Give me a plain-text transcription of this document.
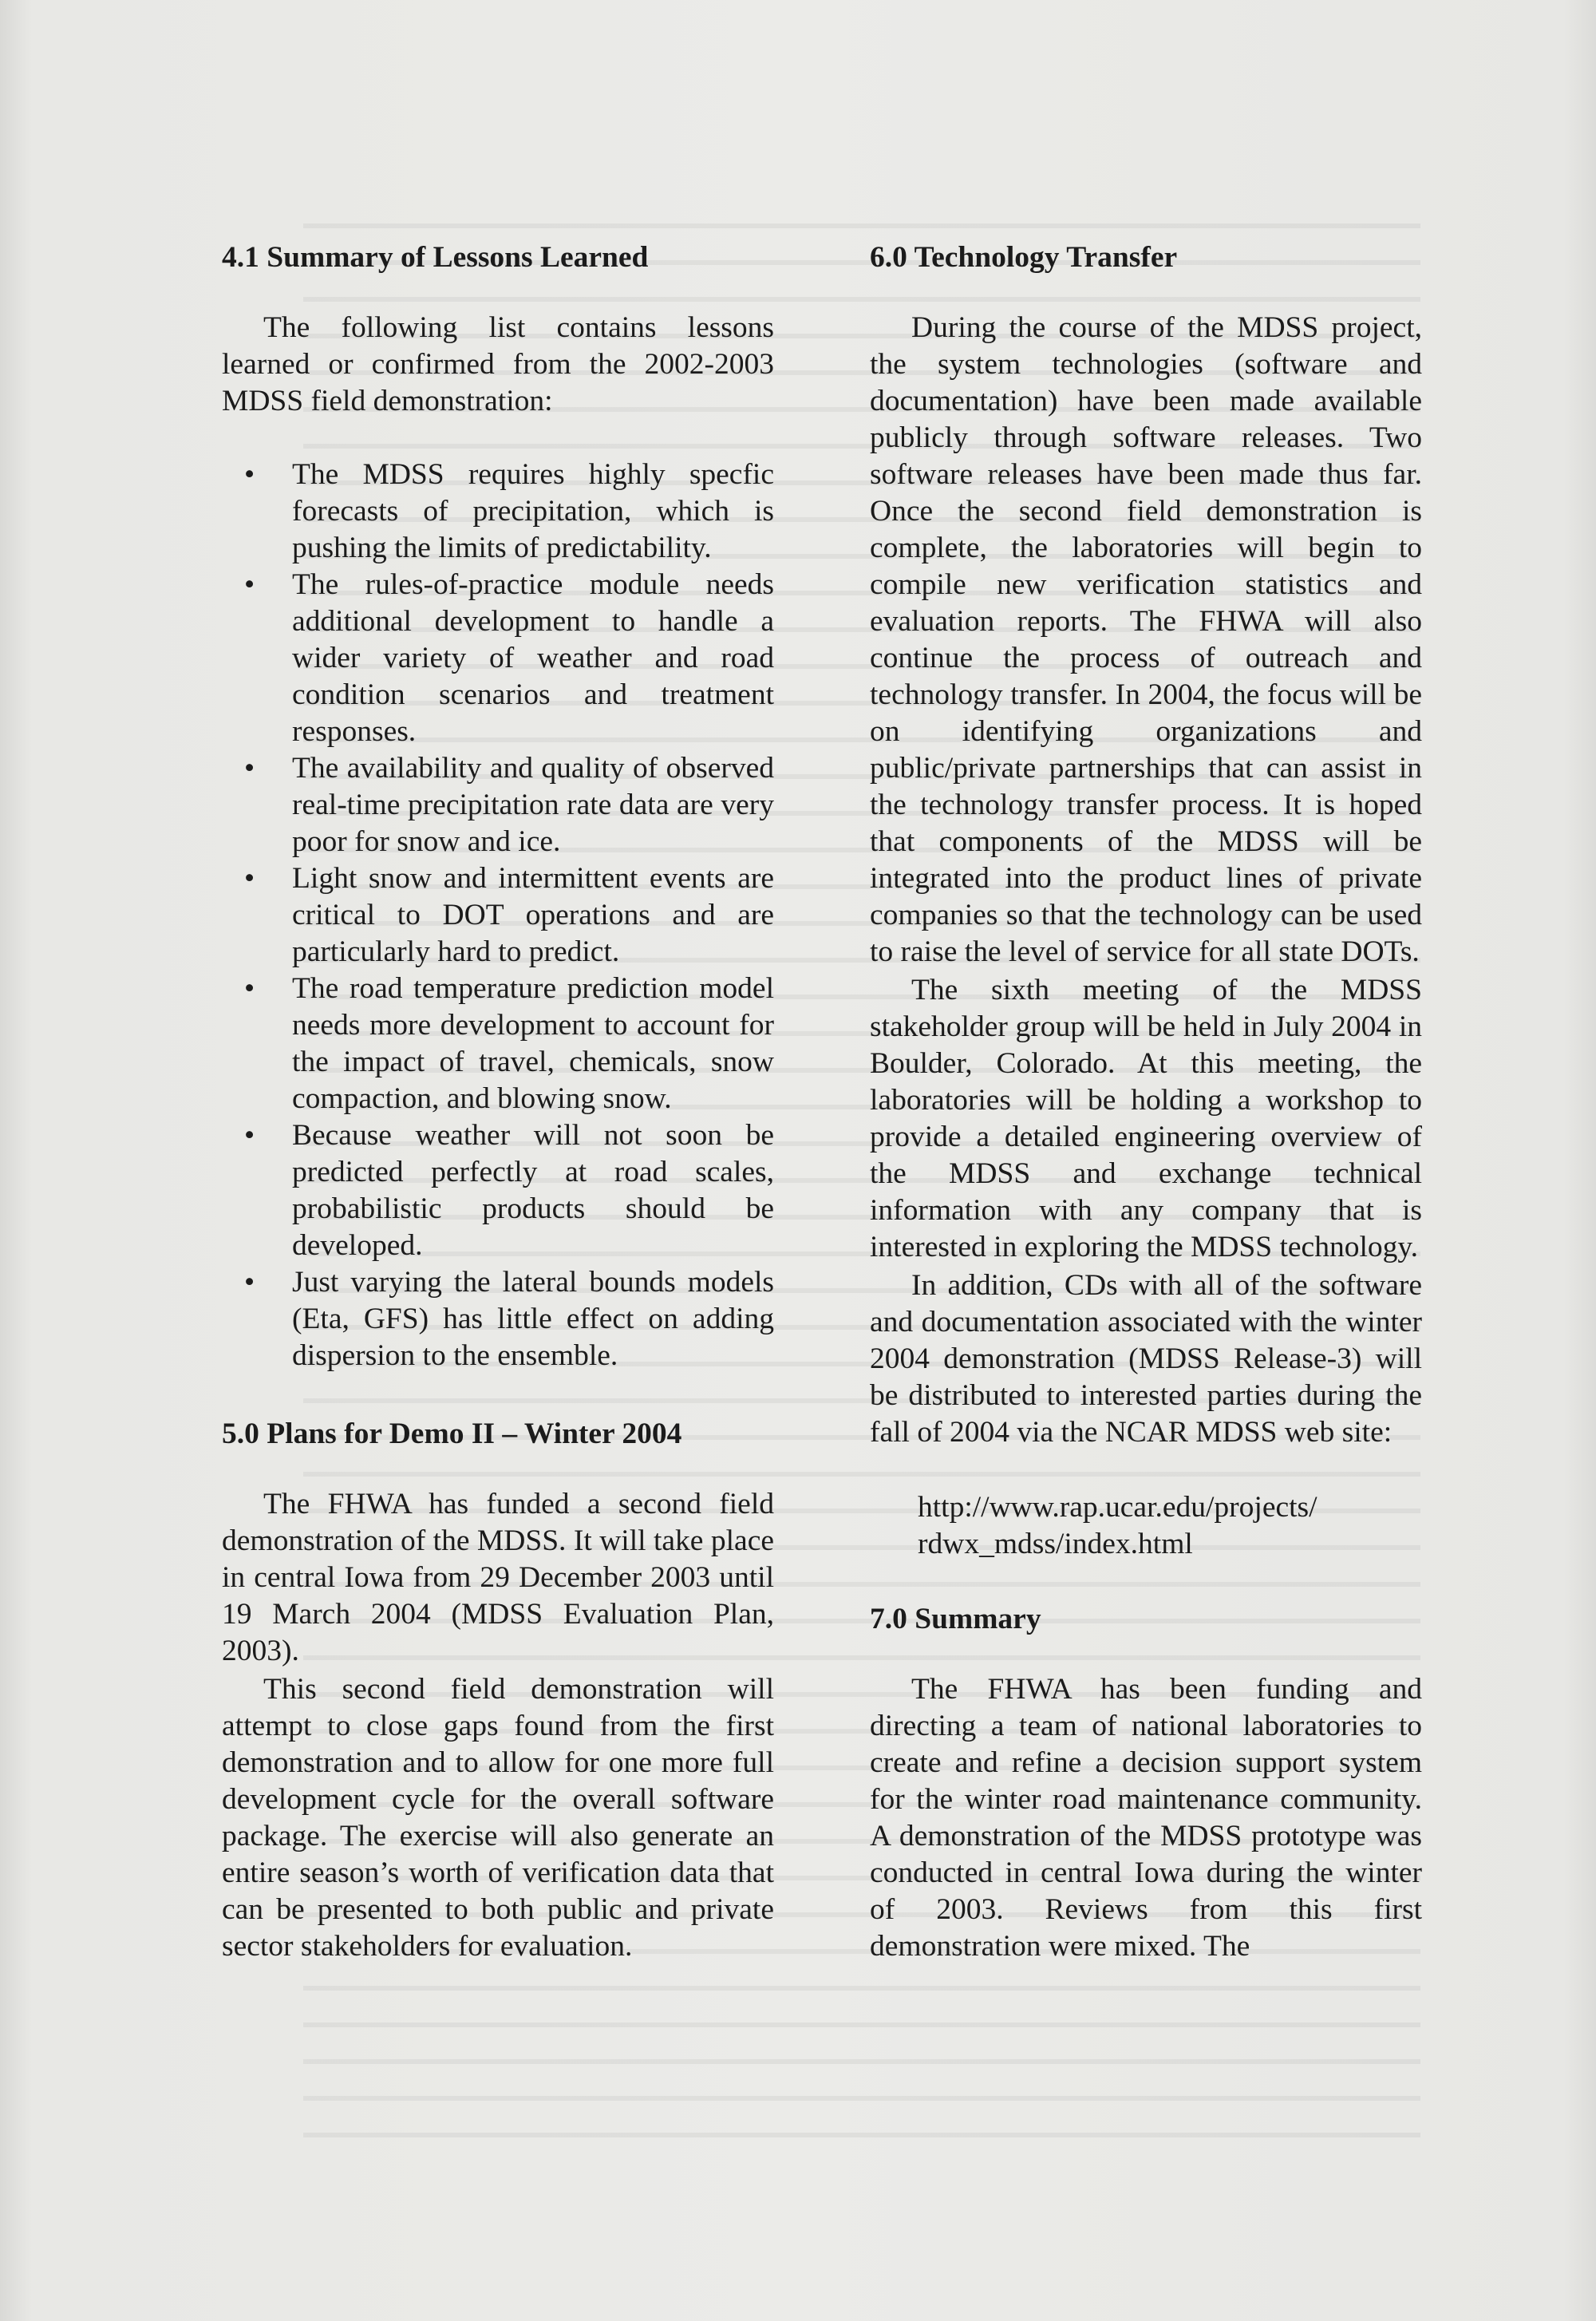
4.1 Summary of Lessons Learned

The following list contains lessons learned or confirmed from the 2002-2003 MDSS field demonstration:

• The MDSS requires highly specfic forecasts of precipitation, which is pushing the limits of predictability.
• The rules-of-practice module needs additional development to handle a wider variety of weather and road condition scenarios and treatment responses.
• The availability and quality of observed real-time precipitation rate data are very poor for snow and ice.
• Light snow and intermittent events are critical to DOT operations and are particularly hard to predict.
• The road temperature prediction model needs more development to account for the impact of travel, chemicals, snow compaction, and blowing snow.
• Because weather will not soon be predicted perfectly at road scales, probabilistic products should be developed.
• Just varying the lateral bounds models (Eta, GFS) has little effect on adding dispersion to the ensemble.
5.0 Plans for Demo II – Winter 2004

The FHWA has funded a second field demonstration of the MDSS. It will take place in central Iowa from 29 December 2003 until 19 March 2004 (MDSS Evaluation Plan, 2003).

This second field demonstration will attempt to close gaps found from the first demonstration and to allow for one more full development cycle for the overall software package. The exercise will also generate an entire season’s worth of verification data that can be presented to both public and private sector stakeholders for evaluation.

6.0 Technology Transfer

During the course of the MDSS project, the system technologies (software and documentation) have been made available publicly through software releases. Two software releases have been made thus far. Once the second field demonstration is complete, the laboratories will begin to compile new verification statistics and evaluation reports. The FHWA will also continue the process of outreach and technology transfer. In 2004, the focus will be on identifying organizations and public/private partnerships that can assist in the technology transfer process. It is hoped that components of the MDSS will be integrated into the product lines of private companies so that the technology can be used to raise the level of service for all state DOTs.

The sixth meeting of the MDSS stakeholder group will be held in July 2004 in Boulder, Colorado. At this meeting, the laboratories will be holding a workshop to provide a detailed engineering overview of the MDSS and exchange technical information with any company that is interested in exploring the MDSS technology.

In addition, CDs with all of the software and documentation associated with the winter 2004 demonstration (MDSS Release-3) will be distributed to interested parties during the fall of 2004 via the NCAR MDSS web site:

http://www.rap.ucar.edu/projects/
rdwx_mdss/index.html

7.0 Summary

The FHWA has been funding and directing a team of national laboratories to create and refine a decision support system for the winter road maintenance community. A demonstration of the MDSS prototype was conducted in central Iowa during the winter of 2003. Reviews from this first demonstration were mixed. The
